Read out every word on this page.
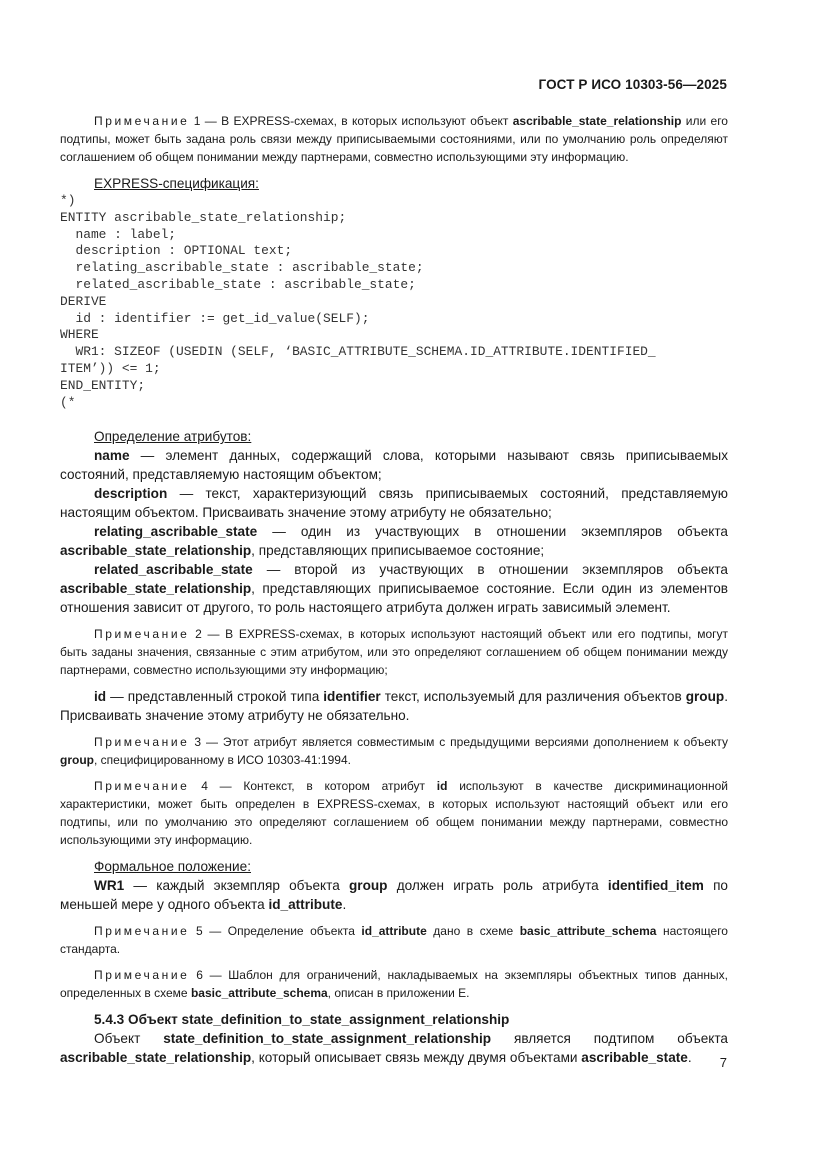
ГОСТ Р ИСО 10303-56—2025

Примечание 1 — В EXPRESS-схемах, в которых используют объект ascribable_state_relationship или его подтипы, может быть задана роль связи между приписываемыми состояниями, или по умолчанию роль определяют соглашением об общем понимании между партнерами, совместно использующими эту информацию.

EXPRESS-спецификация:

*)
ENTITY ascribable_state_relationship;
name : label;
description : OPTIONAL text;
relating_ascribable_state : ascribable_state;
related_ascribable_state : ascribable_state;
DERIVE
id : identifier := get_id_value(SELF);
WHERE
WR1: SIZEOF (USEDIN (SELF, ‘BASIC_ATTRIBUTE_SCHEMA.ID_ATTRIBUTE.IDENTIFIED_
ITEM’)) <= 1;
END_ENTITY;
(*

Определение атрибутов:

name — элемент данных, содержащий слова, которыми называют связь приписываемых состояний, представляемую настоящим объектом;

description — текст, характеризующий связь приписываемых состояний, представляемую настоящим объектом. Присваивать значение этому атрибуту не обязательно;

relating_ascribable_state — один из участвующих в отношении экземпляров объекта ascribable_state_relationship, представляющих приписываемое состояние;

related_ascribable_state — второй из участвующих в отношении экземпляров объекта ascribable_state_relationship, представляющих приписываемое состояние. Если один из элементов отношения зависит от другого, то роль настоящего атрибута должен играть зависимый элемент.

Примечание 2 — В EXPRESS-схемах, в которых используют настоящий объект или его подтипы, могут быть заданы значения, связанные с этим атрибутом, или это определяют соглашением об общем понимании между партнерами, совместно использующими эту информацию;

id — представленный строкой типа identifier текст, используемый для различения объектов group. Присваивать значение этому атрибуту не обязательно.

Примечание 3 — Этот атрибут является совместимым с предыдущими версиями дополнением к объекту group, специфицированному в ИСО 10303-41:1994.

Примечание 4 — Контекст, в котором атрибут id используют в качестве дискриминационной характеристики, может быть определен в EXPRESS-схемах, в которых используют настоящий объект или его подтипы, или по умолчанию это определяют соглашением об общем понимании между партнерами, совместно использующими эту информацию.

Формальное положение:

WR1 — каждый экземпляр объекта group должен играть роль атрибута identified_item по меньшей мере у одного объекта id_attribute.

Примечание 5 — Определение объекта id_attribute дано в схеме basic_attribute_schema настоящего стандарта.

Примечание 6 — Шаблон для ограничений, накладываемых на экземпляры объектных типов данных, определенных в схеме basic_attribute_schema, описан в приложении Е.

5.4.3 Объект state_definition_to_state_assignment_relationship

Объект state_definition_to_state_assignment_relationship является подтипом объекта ascribable_state_relationship, который описывает связь между двумя объектами ascribable_state.	7
